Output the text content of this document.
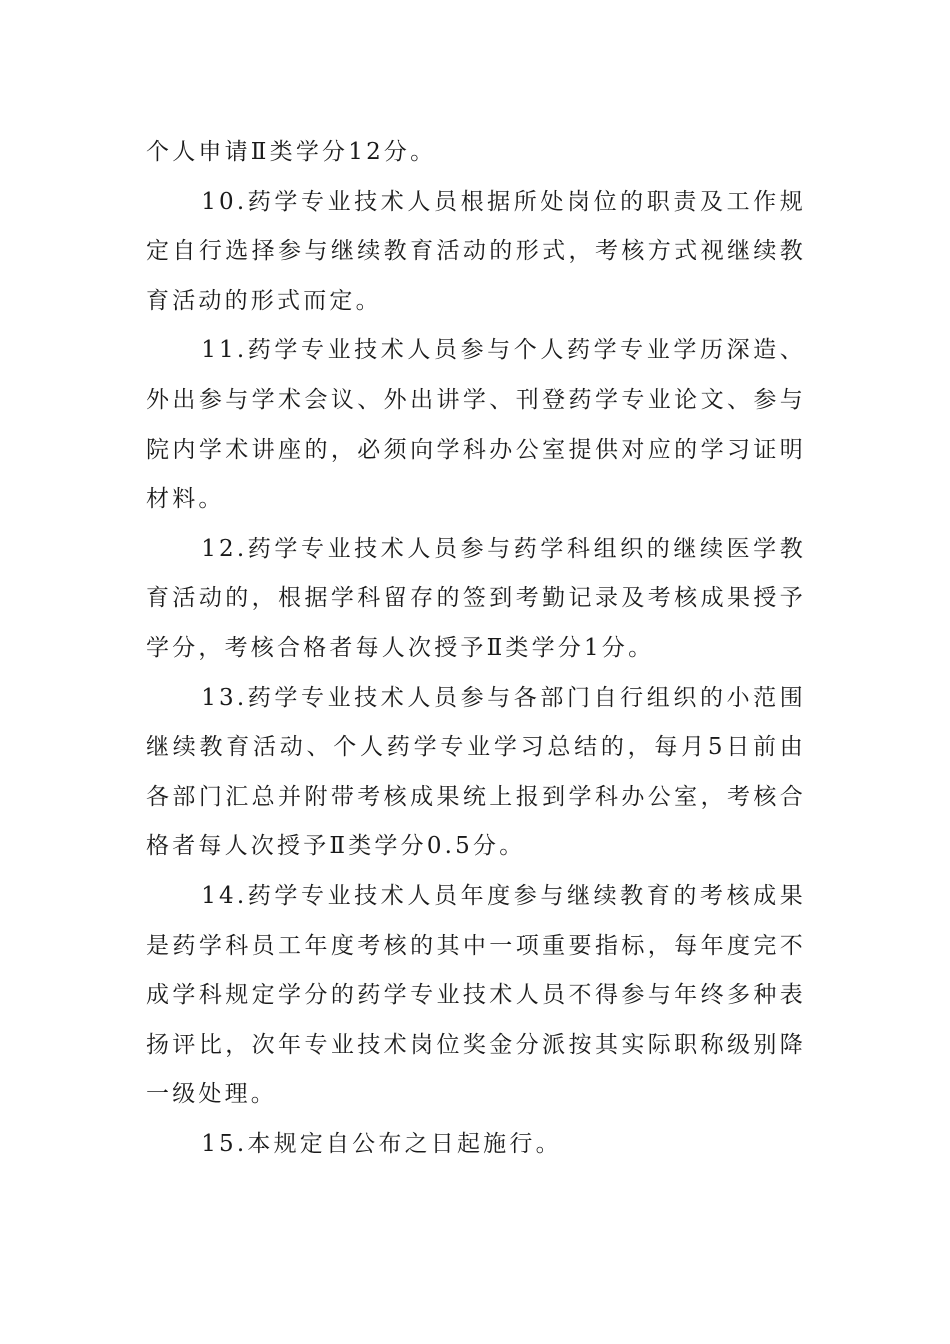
个人申请Ⅱ类学分12分。

10.药学专业技术人员根据所处岗位的职责及工作规定自行选择参与继续教育活动的形式，考核方式视继续教育活动的形式而定。

11.药学专业技术人员参与个人药学专业学历深造、外出参与学术会议、外出讲学、刊登药学专业论文、参与院内学术讲座的，必须向学科办公室提供对应的学习证明材料。

12.药学专业技术人员参与药学科组织的继续医学教育活动的，根据学科留存的签到考勤记录及考核成果授予学分，考核合格者每人次授予Ⅱ类学分1分。

13.药学专业技术人员参与各部门自行组织的小范围继续教育活动、个人药学专业学习总结的，每月5日前由各部门汇总并附带考核成果统上报到学科办公室，考核合格者每人次授予Ⅱ类学分0.5分。

14.药学专业技术人员年度参与继续教育的考核成果是药学科员工年度考核的其中一项重要指标，每年度完不成学科规定学分的药学专业技术人员不得参与年终多种表扬评比，次年专业技术岗位奖金分派按其实际职称级别降一级处理。

15.本规定自公布之日起施行。
